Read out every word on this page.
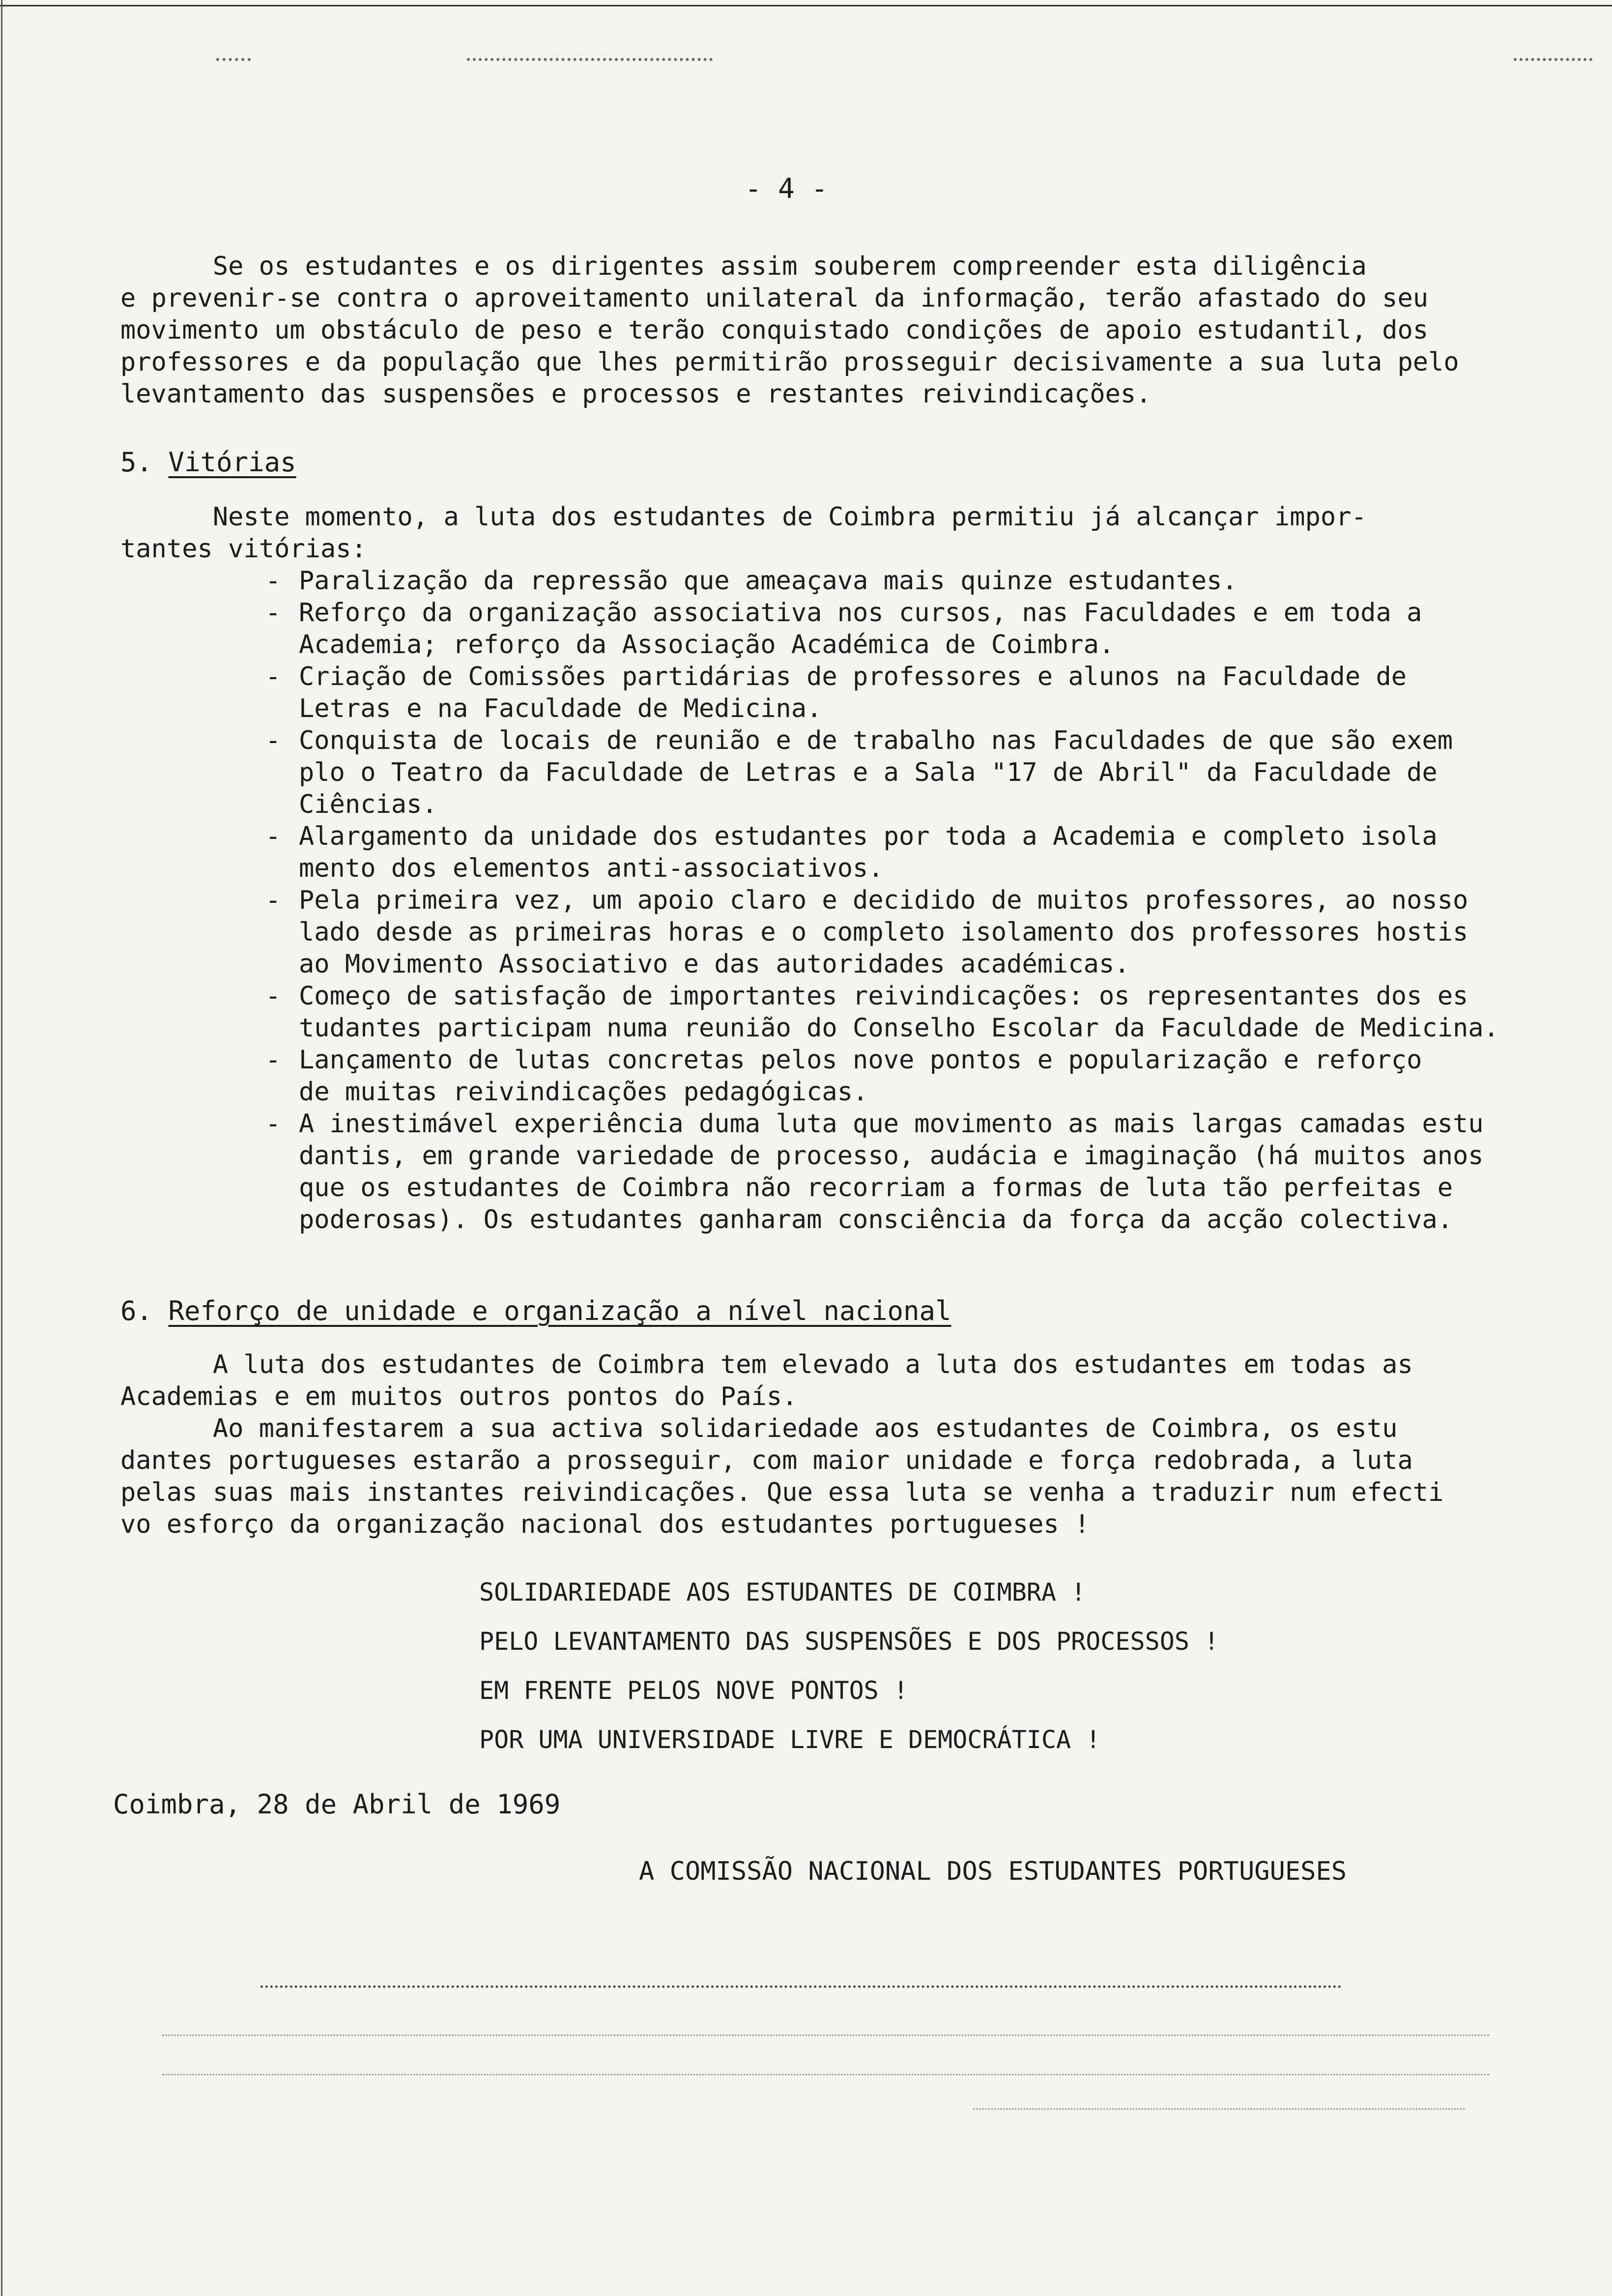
- 4 -
Se os estudantes e os dirigentes assim souberem compreender esta diligência
e prevenir-se contra o aproveitamento unilateral da informação, terão afastado do seu
movimento um obstáculo de peso e terão conquistado condições de apoio estudantil, dos
professores e da população que lhes permitirão prosseguir decisivamente a sua luta pelo
levantamento das suspensões e processos e restantes reivindicações.
5. Vitórias
Neste momento, a luta dos estudantes de Coimbra permitiu já alcançar impor-
tantes vitórias:
- Paralização da repressão que ameaçava mais quinze estudantes.
- Reforço da organização associativa nos cursos, nas Faculdades e em toda a
Academia; reforço da Associação Académica de Coimbra.
- Criação de Comissões partidárias de professores e alunos na Faculdade de
Letras e na Faculdade de Medicina.
- Conquista de locais de reunião e de trabalho nas Faculdades de que são exem
plo o Teatro da Faculdade de Letras e a Sala "17 de Abril" da Faculdade de
Ciências.
- Alargamento da unidade dos estudantes por toda a Academia e completo isola
mento dos elementos anti-associativos.
- Pela primeira vez, um apoio claro e decidido de muitos professores, ao nosso
lado desde as primeiras horas e o completo isolamento dos professores hostis
ao Movimento Associativo e das autoridades académicas.
- Começo de satisfação de importantes reivindicações: os representantes dos es
tudantes participam numa reunião do Conselho Escolar da Faculdade de Medicina.
- Lançamento de lutas concretas pelos nove pontos e popularização e reforço
de muitas reivindicações pedagógicas.
- A inestimável experiência duma luta que movimento as mais largas camadas estu
dantis, em grande variedade de processo, audácia e imaginação (há muitos anos
que os estudantes de Coimbra não recorriam a formas de luta tão perfeitas e
poderosas). Os estudantes ganharam consciência da força da acção colectiva.
6. Reforço de unidade e organização a nível nacional
A luta dos estudantes de Coimbra tem elevado a luta dos estudantes em todas as
Academias e em muitos outros pontos do País.
Ao manifestarem a sua activa solidariedade aos estudantes de Coimbra, os estu
dantes portugueses estarão a prosseguir, com maior unidade e força redobrada, a luta
pelas suas mais instantes reivindicações. Que essa luta se venha a traduzir num efecti
vo esforço da organização nacional dos estudantes portugueses !
SOLIDARIEDADE AOS ESTUDANTES DE COIMBRA !
PELO LEVANTAMENTO DAS SUSPENSÕES E DOS PROCESSOS !
EM FRENTE PELOS NOVE PONTOS !
POR UMA UNIVERSIDADE LIVRE E DEMOCRÁTICA !
Coimbra, 28 de Abril de 1969
A COMISSÃO NACIONAL DOS ESTUDANTES PORTUGUESES
